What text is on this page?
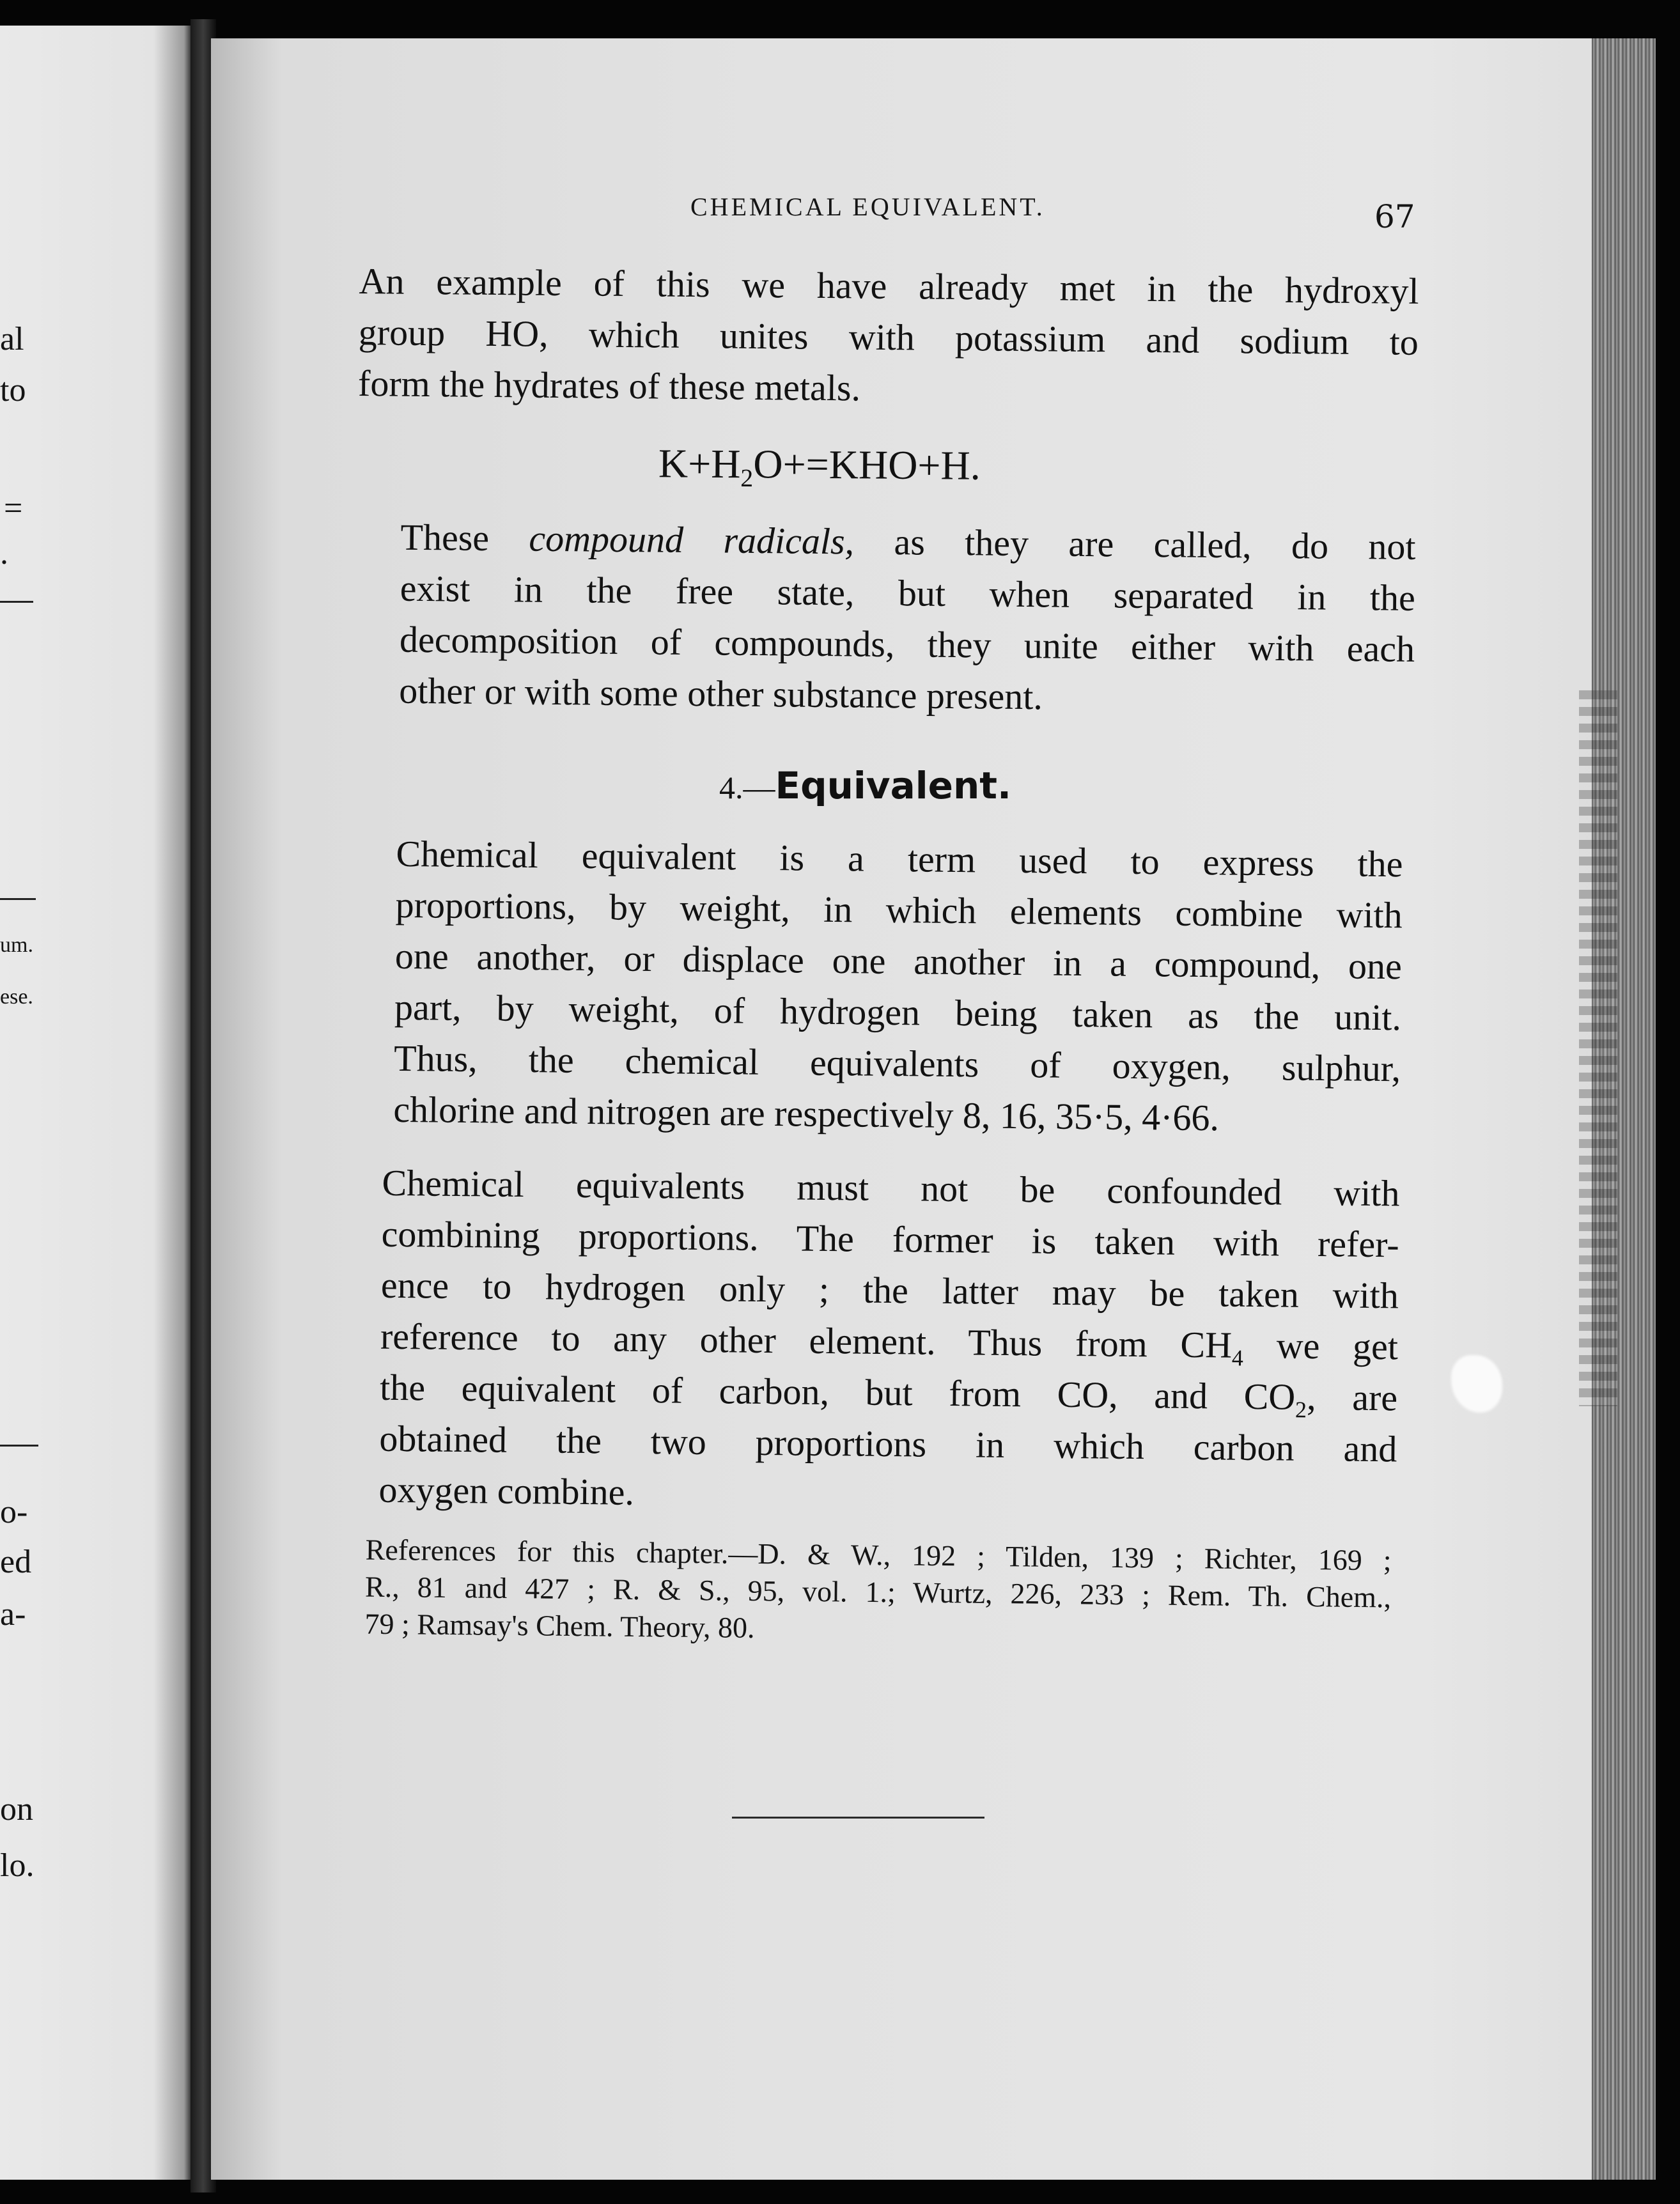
al
to
=
.
um.
ese.
o-
ed
a-
on
lo.
CHEMICAL EQUIVALENT.	67
An example of this we have already met in the hydroxyl
group HO, which unites with potassium and sodium to
form the hydrates of these metals.
$K+H_2O+=KHO+H$.
These compound radicals, as they are called, do not
exist in the free state, but when separated in the
decomposition of compounds, they unite either with each
other or with some other substance present.
4.—Equivalent.
Chemical equivalent is a term used to express the
proportions, by weight, in which elements combine with
one another, or displace one another in a compound, one
part, by weight, of hydrogen being taken as the unit.
Thus, the chemical equivalents of oxygen, sulphur,
chlorine and nitrogen are respectively 8, 16, 35·5, 4·66.
Chemical equivalents must not be confounded with
combining proportions. The former is taken with refer-
ence to hydrogen only ; the latter may be taken with
reference to any other element. Thus from $CH_4$ we get
the equivalent of carbon, but from CO, and $CO_2$, are
obtained the two proportions in which carbon and
oxygen combine.
References for this chapter.—D. & W., 192 ; Tilden, 139 ; Richter, 169 ;
R., 81 and 427 ; R. & S., 95, vol. 1.; Wurtz, 226, 233 ; Rem. Th. Chem.,
79 ; Ramsay's Chem. Theory, 80.
